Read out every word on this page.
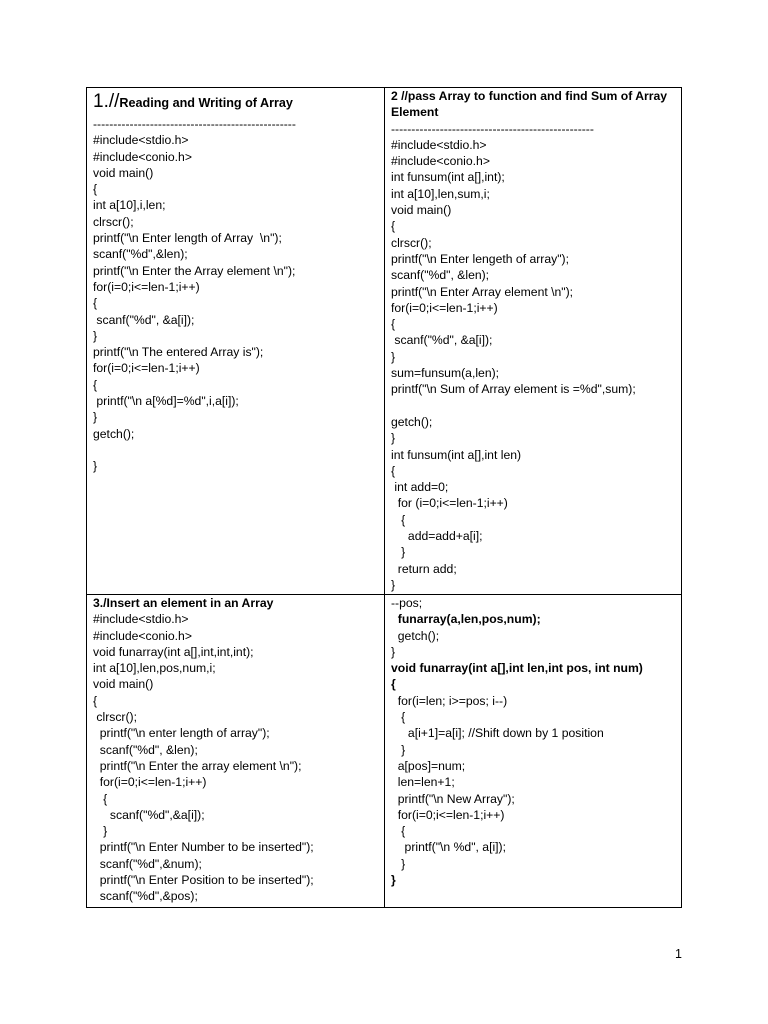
1.//Reading and Writing of Array
--------------------------------------------------
#include<stdio.h>
#include<conio.h>
void main()
{
int a[10],i,len;
clrscr();
printf("\n Enter length of Array  \n");
scanf("%d",&len);
printf("\n Enter the Array element \n");
for(i=0;i<=len-1;i++)
{
scanf("%d", &a[i]);
}
printf("\n The entered Array is");
for(i=0;i<=len-1;i++)
{
printf("\n a[%d]=%d",i,a[i]);
}
getch();
}
2 //pass Array to function and find Sum of Array
Element
--------------------------------------------------
#include<stdio.h>
#include<conio.h>
int funsum(int a[],int);
int a[10],len,sum,i;
void main()
{
clrscr();
printf("\n Enter lengeth of array");
scanf("%d", &len);
printf("\n Enter Array element \n");
for(i=0;i<=len-1;i++)
{
scanf("%d", &a[i]);
}
sum=funsum(a,len);
printf("\n Sum of Array element is =%d",sum);
getch();
}
int funsum(int a[],int len)
{
int add=0;
for (i=0;i<=len-1;i++)
{
add=add+a[i];
}
return add;
}
3./Insert an element in an Array
#include<stdio.h>
#include<conio.h>
void funarray(int a[],int,int,int);
int a[10],len,pos,num,i;
void main()
{
clrscr();
printf("\n enter length of array");
scanf("%d", &len);
printf("\n Enter the array element \n");
for(i=0;i<=len-1;i++)
{
scanf("%d",&a[i]);
}
printf("\n Enter Number to be inserted");
scanf("%d",&num);
printf("\n Enter Position to be inserted");
scanf("%d",&pos);
--pos;
funarray(a,len,pos,num);
getch();
}
void funarray(int a[],int len,int pos, int num)
{
for(i=len; i>=pos; i--)
{
a[i+1]=a[i]; //Shift down by 1 position
}
a[pos]=num;
len=len+1;
printf("\n New Array");
for(i=0;i<=len-1;i++)
{
printf("\n %d", a[i]);
}
}
1
